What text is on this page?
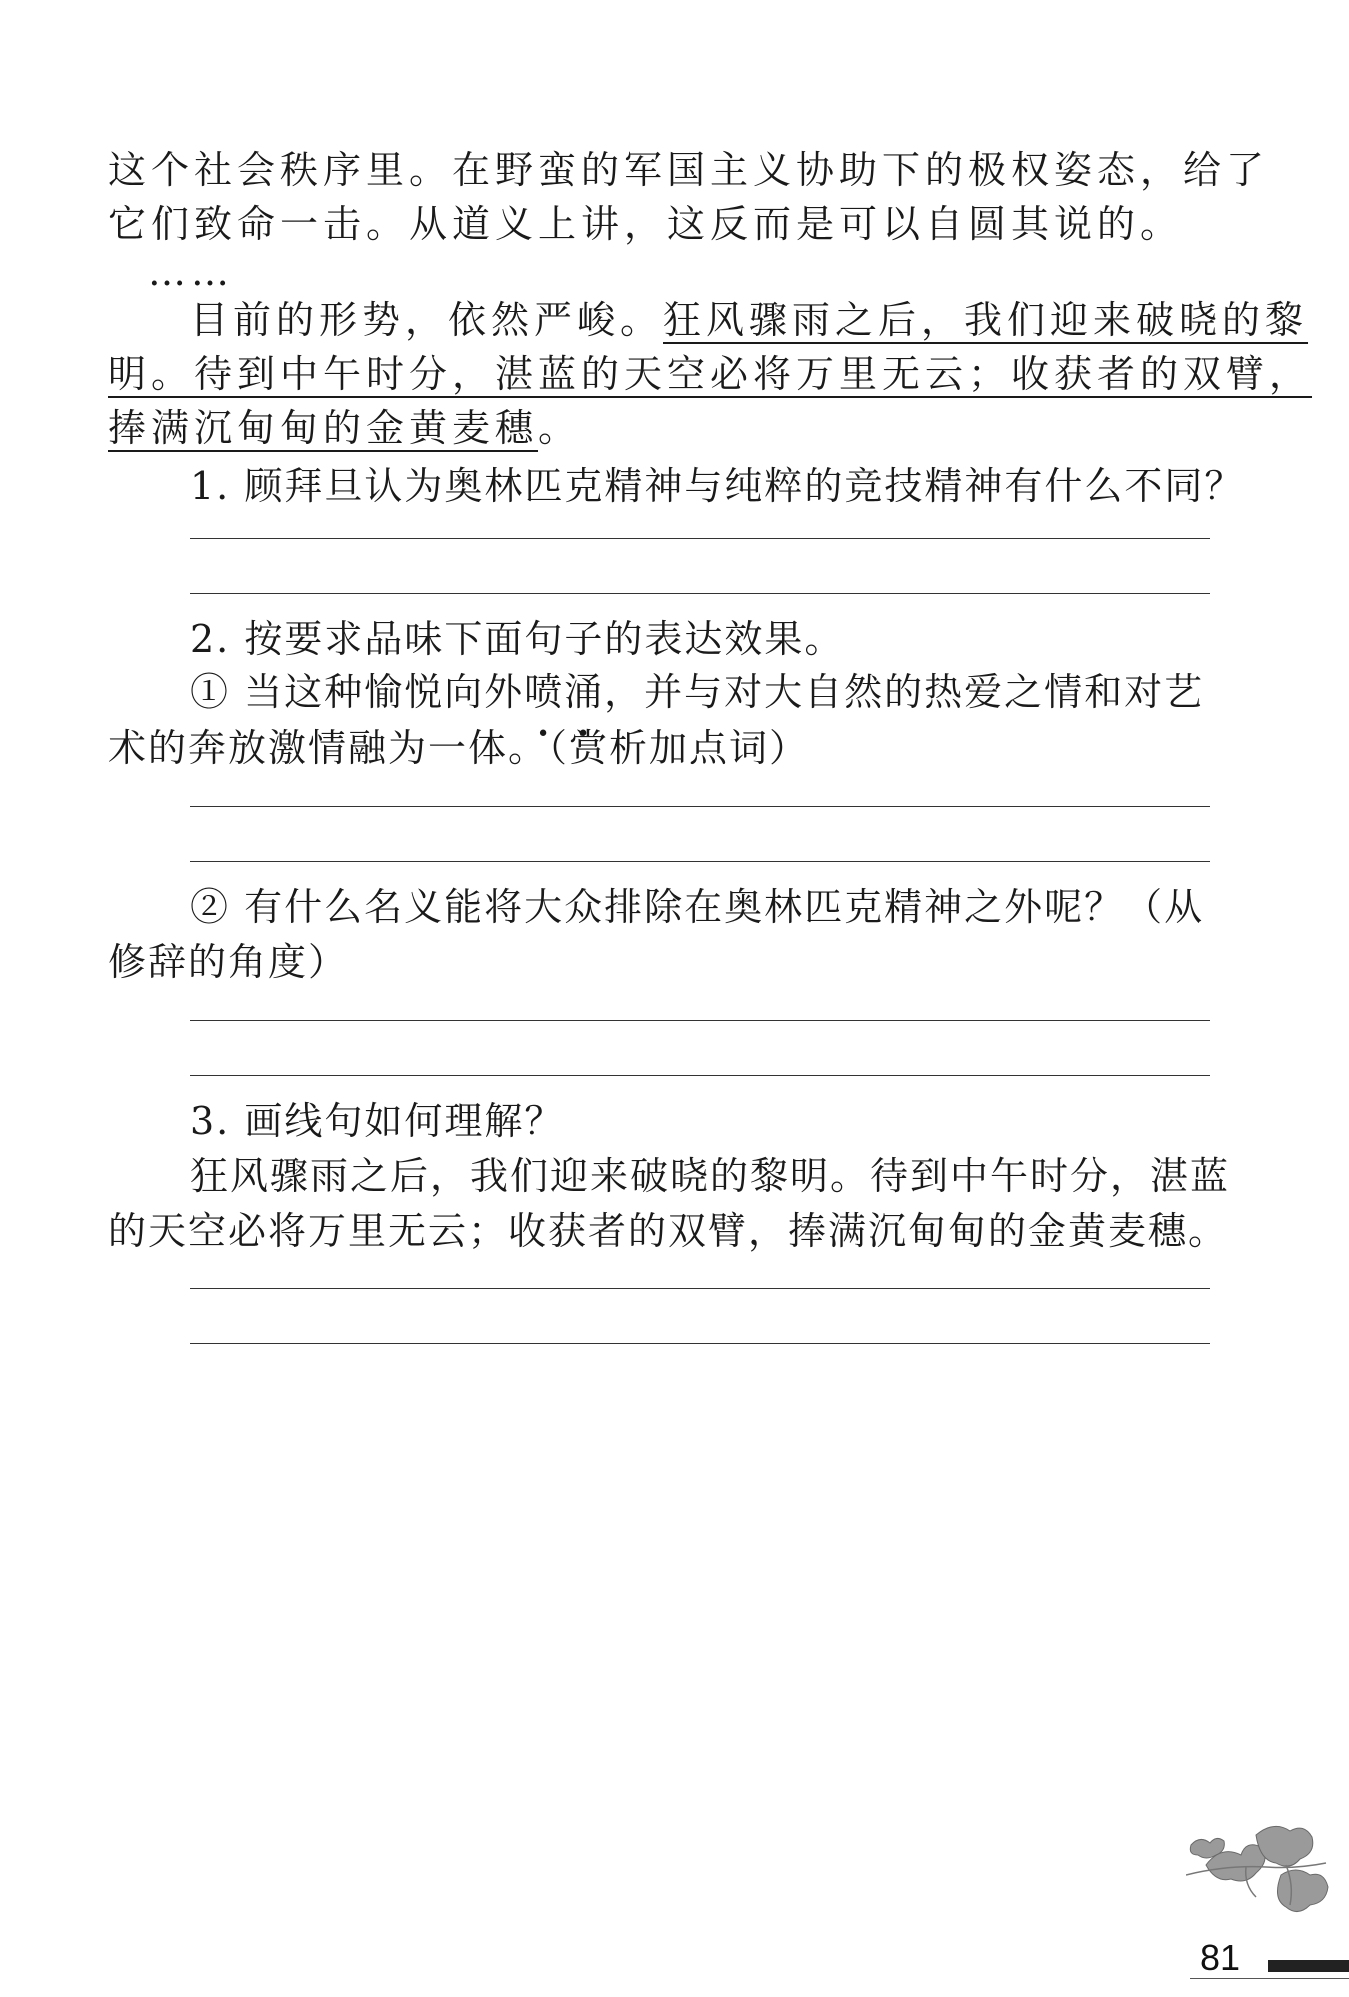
这个社会秩序里。在野蛮的军国主义协助下的极权姿态，给了
它们致命一击。从道义上讲，这反而是可以自圆其说的。
……
目前的形势，依然严峻。狂风骤雨之后，我们迎来破晓的黎
明。待到中午时分，湛蓝的天空必将万里无云；收获者的双臂，
捧满沉甸甸的金黄麦穗。
1. 顾拜旦认为奥林匹克精神与纯粹的竞技精神有什么不同？
2. 按要求品味下面句子的表达效果。
① 当这种愉悦向外喷涌，并与对大自然的热爱之情和对艺
术的奔放激情融为一体。（赏析加点词）
② 有什么名义能将大众排除在奥林匹克精神之外呢？（从
修辞的角度）
3. 画线句如何理解？
狂风骤雨之后，我们迎来破晓的黎明。待到中午时分，湛蓝
的天空必将万里无云；收获者的双臂，捧满沉甸甸的金黄麦穗。
81
